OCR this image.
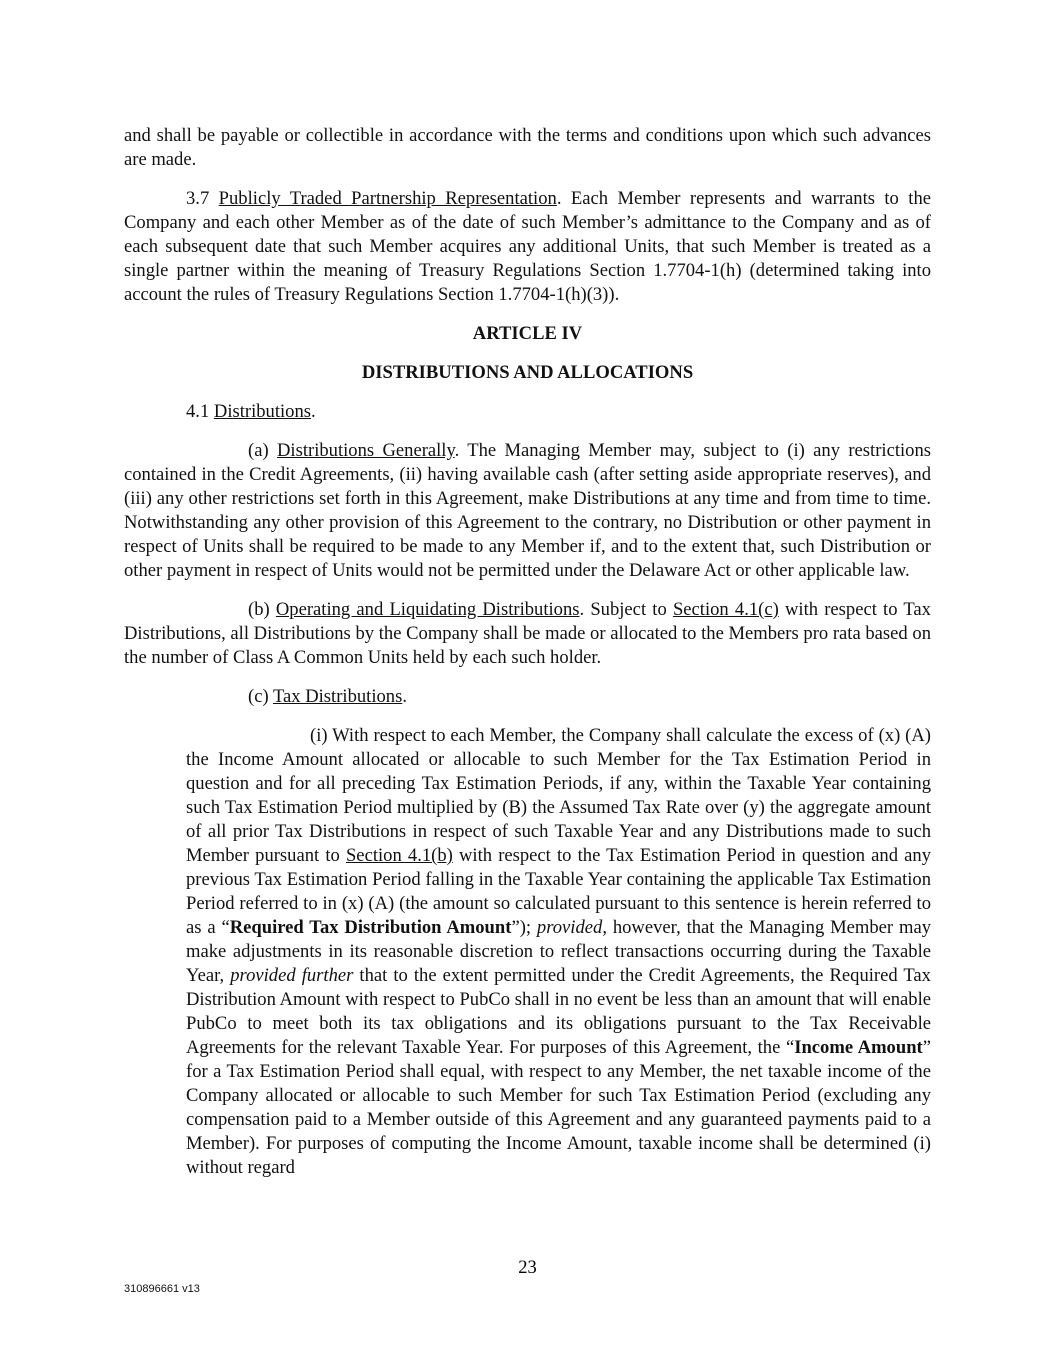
and shall be payable or collectible in accordance with the terms and conditions upon which such advances are made.

3.7 Publicly Traded Partnership Representation. Each Member represents and warrants to the Company and each other Member as of the date of such Member’s admittance to the Company and as of each subsequent date that such Member acquires any additional Units, that such Member is treated as a single partner within the meaning of Treasury Regulations Section 1.7704-1(h) (determined taking into account the rules of Treasury Regulations Section 1.7704-1(h)(3)).

ARTICLE IV
DISTRIBUTIONS AND ALLOCATIONS

4.1 Distributions.

(a) Distributions Generally. The Managing Member may, subject to (i) any restrictions contained in the Credit Agreements, (ii) having available cash (after setting aside appropriate reserves), and (iii) any other restrictions set forth in this Agreement, make Distributions at any time and from time to time. Notwithstanding any other provision of this Agreement to the contrary, no Distribution or other payment in respect of Units shall be required to be made to any Member if, and to the extent that, such Distribution or other payment in respect of Units would not be permitted under the Delaware Act or other applicable law.

(b) Operating and Liquidating Distributions. Subject to Section 4.1(c) with respect to Tax Distributions, all Distributions by the Company shall be made or allocated to the Members pro rata based on the number of Class A Common Units held by each such holder.

(c) Tax Distributions.

(i) With respect to each Member, the Company shall calculate the excess of (x) (A) the Income Amount allocated or allocable to such Member for the Tax Estimation Period in question and for all preceding Tax Estimation Periods, if any, within the Taxable Year containing such Tax Estimation Period multiplied by (B) the Assumed Tax Rate over (y) the aggregate amount of all prior Tax Distributions in respect of such Taxable Year and any Distributions made to such Member pursuant to Section 4.1(b) with respect to the Tax Estimation Period in question and any previous Tax Estimation Period falling in the Taxable Year containing the applicable Tax Estimation Period referred to in (x) (A) (the amount so calculated pursuant to this sentence is herein referred to as a “Required Tax Distribution Amount”); provided, however, that the Managing Member may make adjustments in its reasonable discretion to reflect transactions occurring during the Taxable Year, provided further that to the extent permitted under the Credit Agreements, the Required Tax Distribution Amount with respect to PubCo shall in no event be less than an amount that will enable PubCo to meet both its tax obligations and its obligations pursuant to the Tax Receivable Agreements for the relevant Taxable Year. For purposes of this Agreement, the “Income Amount” for a Tax Estimation Period shall equal, with respect to any Member, the net taxable income of the Company allocated or allocable to such Member for such Tax Estimation Period (excluding any compensation paid to a Member outside of this Agreement and any guaranteed payments paid to a Member). For purposes of computing the Income Amount, taxable income shall be determined (i) without regard

23
310896661 v13
